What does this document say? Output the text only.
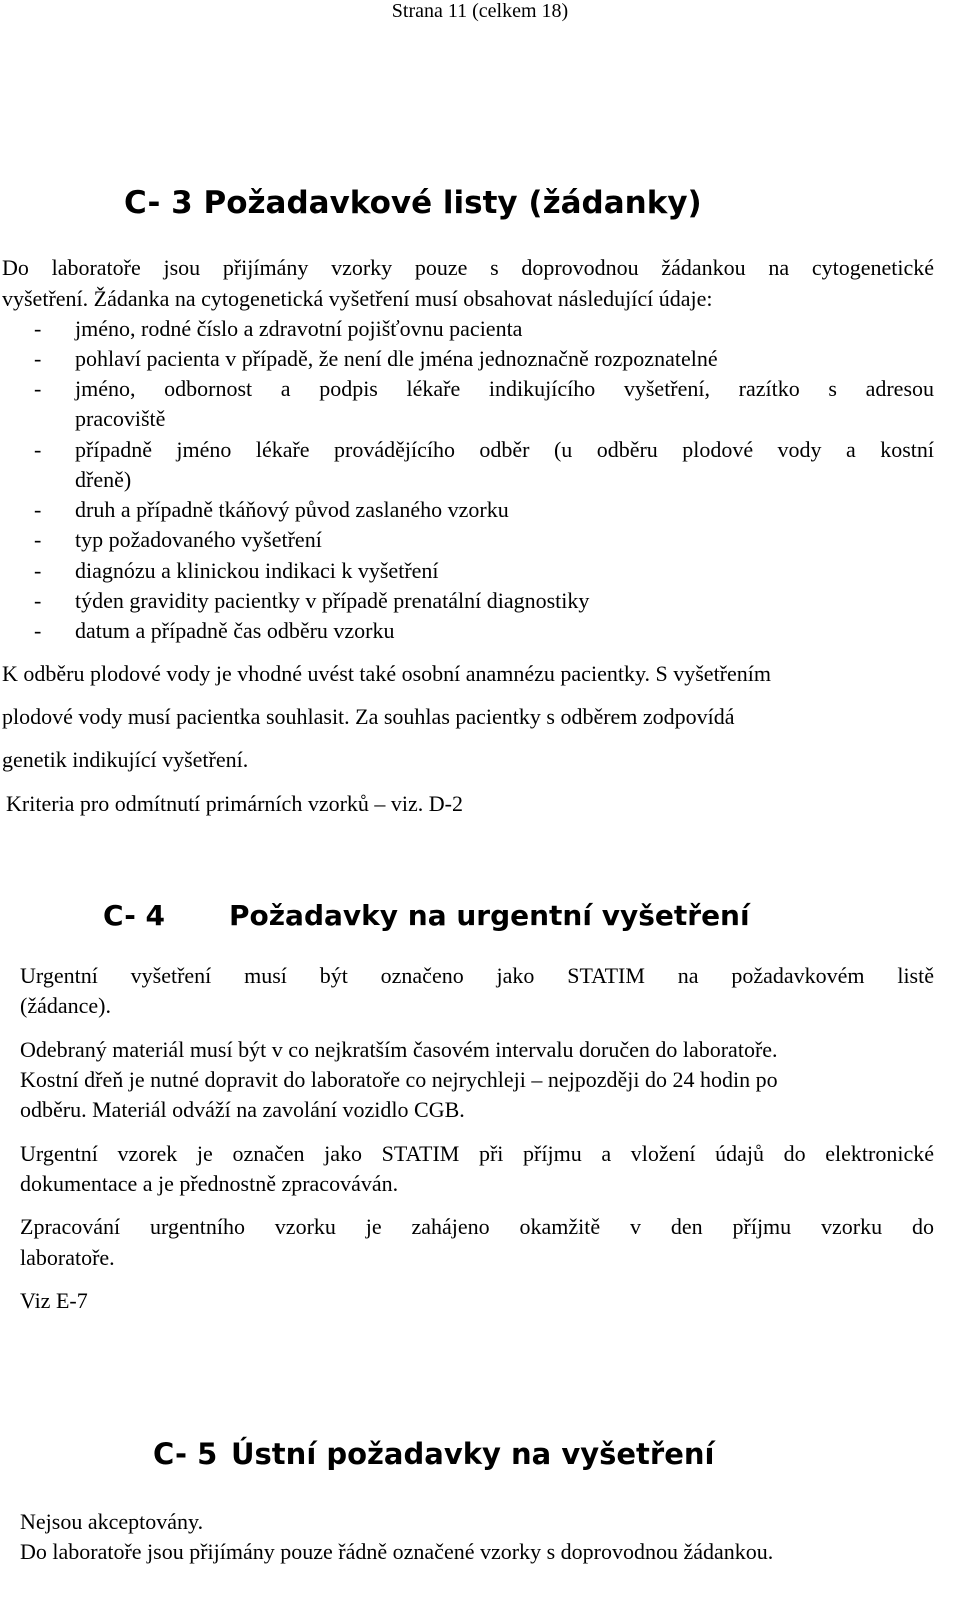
Strana 11 (celkem 18)
C- 3 Požadavkové listy (žádanky)
Do laboratoře jsou přijímány vzorky pouze s doprovodnou žádankou na cytogenetické
vyšetření. Žádanka na cytogenetická vyšetření musí obsahovat následující údaje:
- jméno, rodné číslo a zdravotní pojišťovnu pacienta
- pohlaví pacienta v případě, že není dle jména jednoznačně rozpoznatelné
- jméno, odbornost a podpis lékaře indikujícího vyšetření, razítko s adresou
pracoviště
- případně jméno lékaře provádějícího odběr (u odběru plodové vody a kostní
dřeně)
- druh a případně tkáňový původ zaslaného vzorku
- typ požadovaného vyšetření
- diagnózu a klinickou indikaci k vyšetření
- týden gravidity pacientky v případě prenatální diagnostiky
- datum a případně čas odběru vzorku
K odběru plodové vody je vhodné uvést také osobní anamnézu pacientky. S vyšetřením
plodové vody musí pacientka souhlasit. Za souhlas pacientky s odběrem zodpovídá
genetik indikující vyšetření.
Kriteria pro odmítnutí primárních vzorků – viz. D-2
C- 4 Požadavky na urgentní vyšetření
Urgentní vyšetření musí být označeno jako STATIM na požadavkovém listě
(žádance).
Odebraný materiál musí být v co nejkratším časovém intervalu doručen do laboratoře.
Kostní dřeň je nutné dopravit do laboratoře co nejrychleji – nejpozději do 24 hodin po
odběru. Materiál odváží na zavolání vozidlo CGB.
Urgentní vzorek je označen jako STATIM při příjmu a vložení údajů do elektronické
dokumentace a je přednostně zpracováván.
Zpracování urgentního vzorku je zahájeno okamžitě v den příjmu vzorku do
laboratoře.
Viz E-7
C- 5 Ústní požadavky na vyšetření
Nejsou akceptovány.
Do laboratoře jsou přijímány pouze řádně označené vzorky s doprovodnou žádankou.
